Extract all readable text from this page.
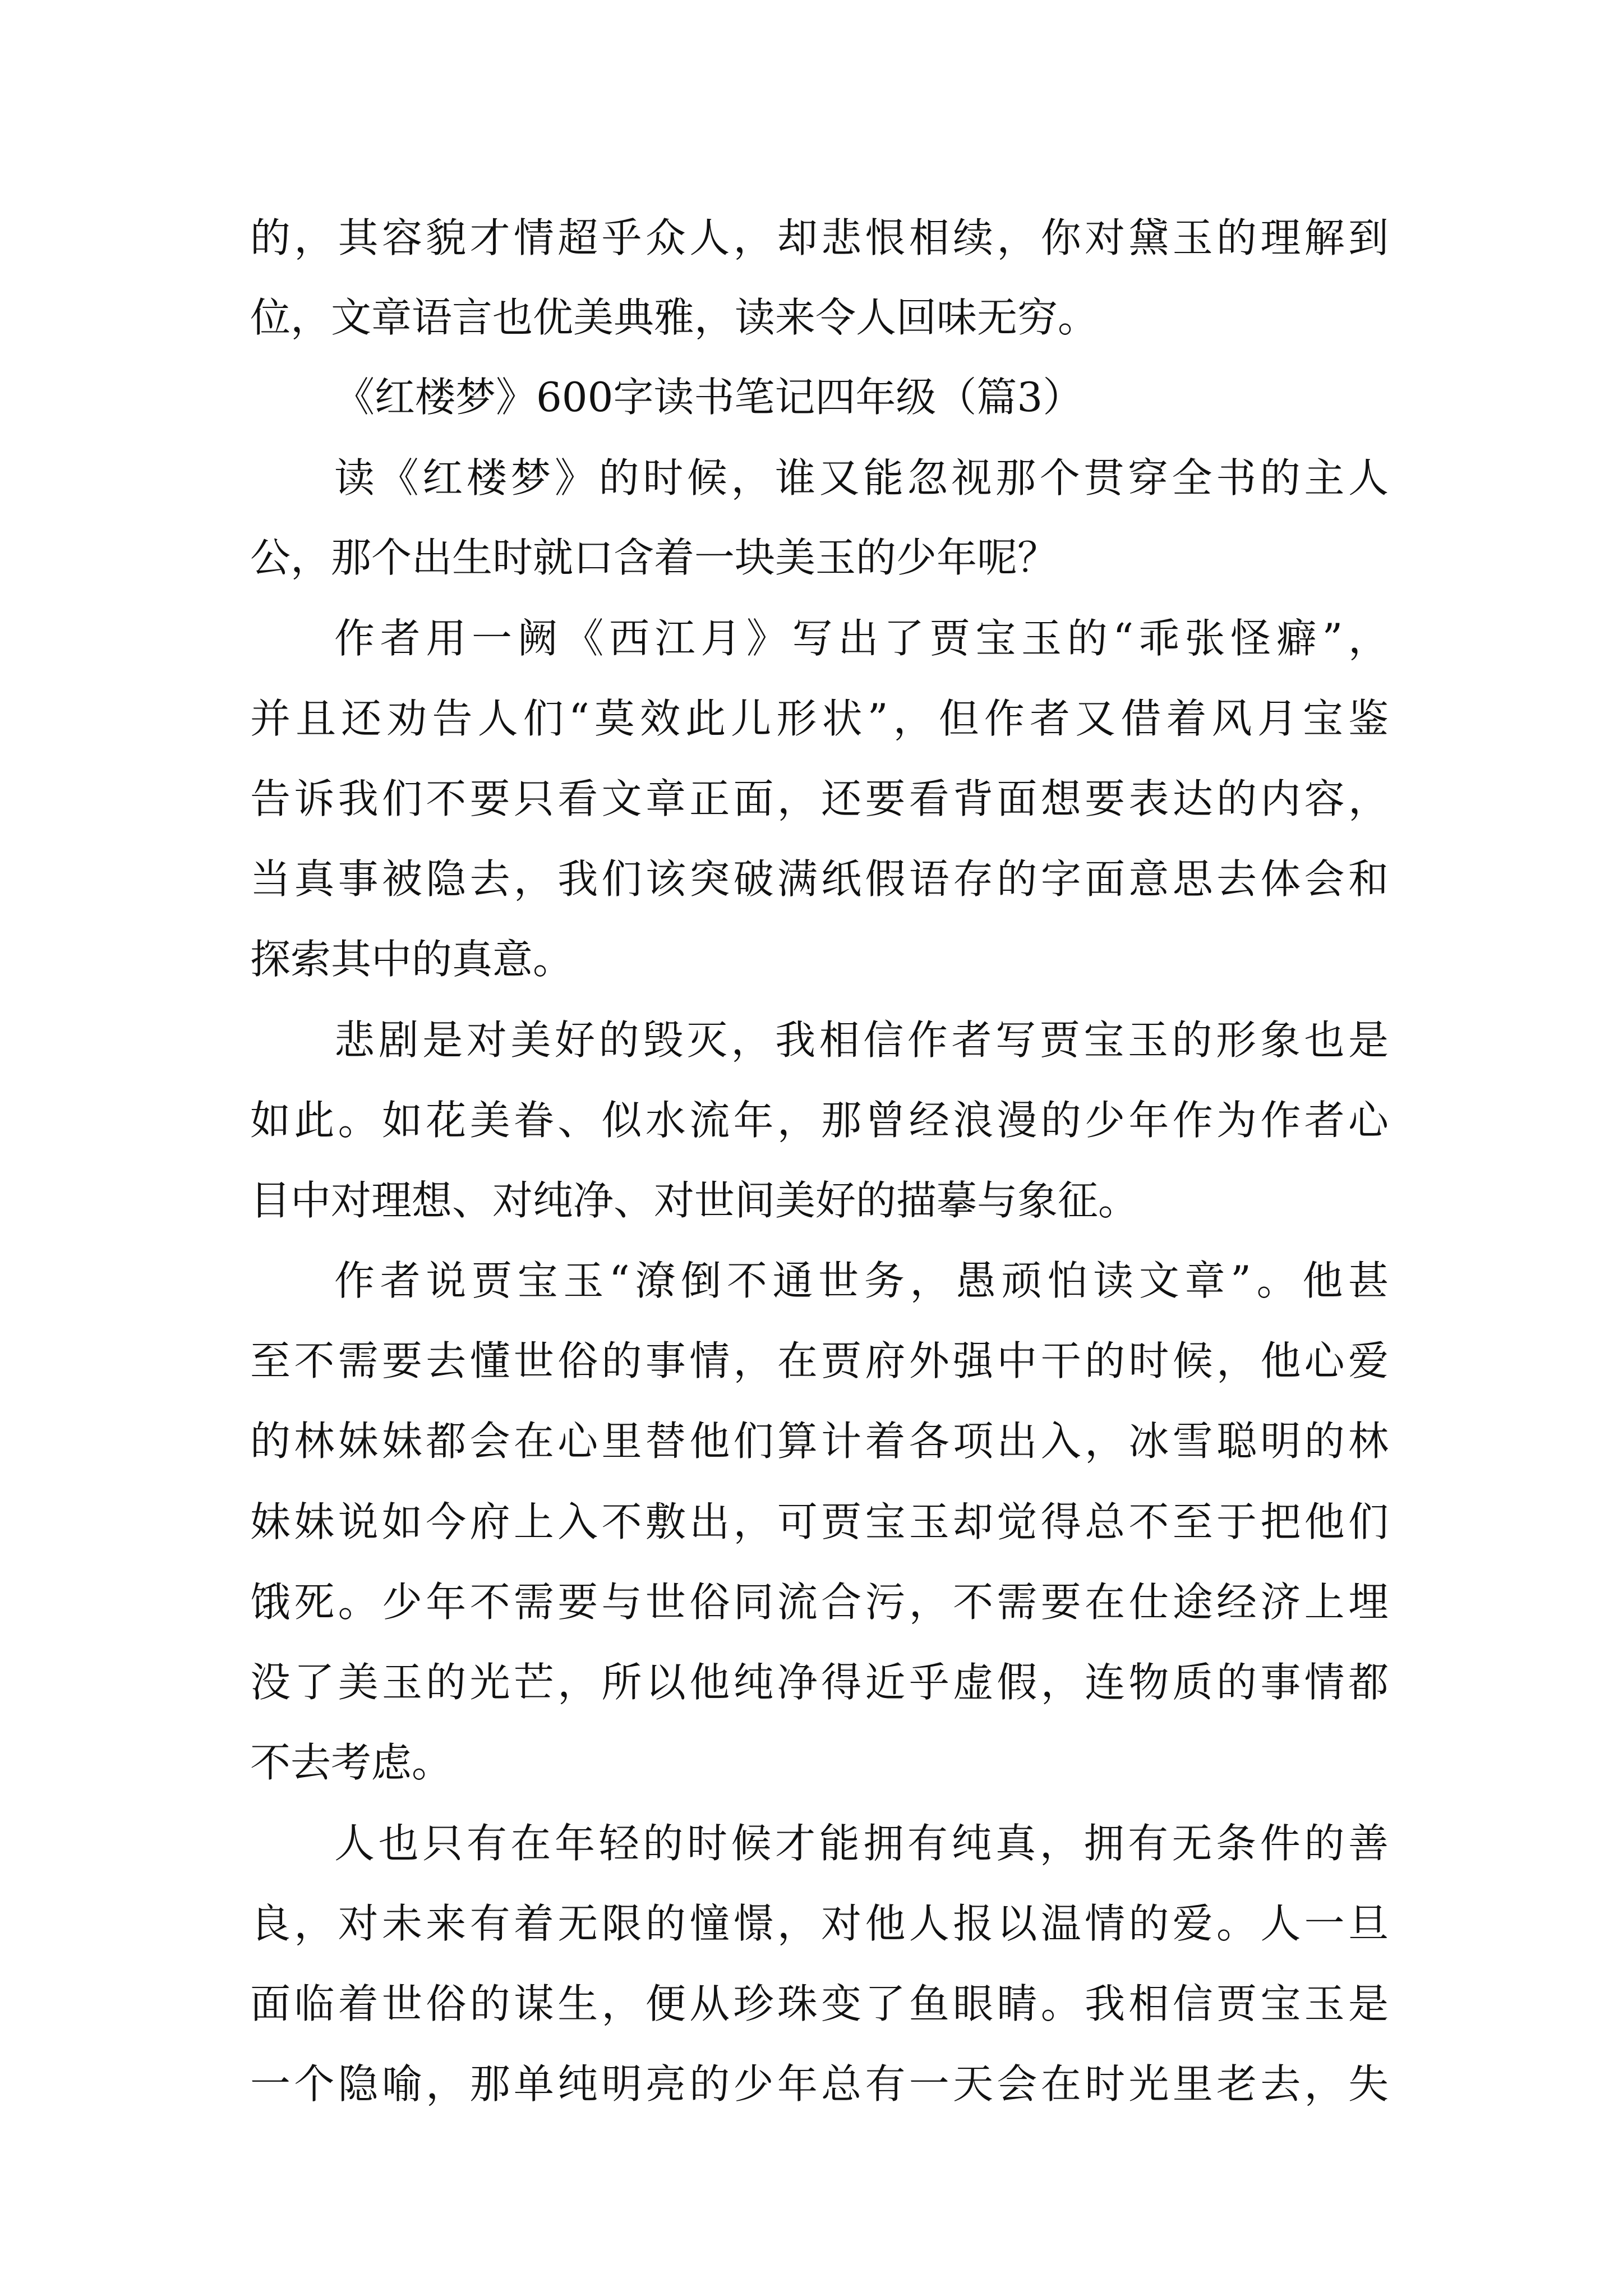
的，其容貌才情超乎众人，却悲恨相续，你对黛玉的理解到
位，文章语言也优美典雅，读来令人回味无穷。
《红楼梦》600字读书笔记四年级（篇3）
读《红楼梦》的时候，谁又能忽视那个贯穿全书的主人
公，那个出生时就口含着一块美玉的少年呢？
作者用一阙《西江月》写出了贾宝玉的“乖张怪癖”，
并且还劝告人们“莫效此儿形状”，但作者又借着风月宝鉴
告诉我们不要只看文章正面，还要看背面想要表达的内容，
当真事被隐去，我们该突破满纸假语存的字面意思去体会和
探索其中的真意。
悲剧是对美好的毁灭，我相信作者写贾宝玉的形象也是
如此。如花美眷、似水流年，那曾经浪漫的少年作为作者心
目中对理想、对纯净、对世间美好的描摹与象征。
作者说贾宝玉“潦倒不通世务，愚顽怕读文章”。他甚
至不需要去懂世俗的事情，在贾府外强中干的时候，他心爱
的林妹妹都会在心里替他们算计着各项出入，冰雪聪明的林
妹妹说如今府上入不敷出，可贾宝玉却觉得总不至于把他们
饿死。少年不需要与世俗同流合污，不需要在仕途经济上埋
没了美玉的光芒，所以他纯净得近乎虚假，连物质的事情都
不去考虑。
人也只有在年轻的时候才能拥有纯真，拥有无条件的善
良，对未来有着无限的憧憬，对他人报以温情的爱。人一旦
面临着世俗的谋生，便从珍珠变了鱼眼睛。我相信贾宝玉是
一个隐喻，那单纯明亮的少年总有一天会在时光里老去，失
